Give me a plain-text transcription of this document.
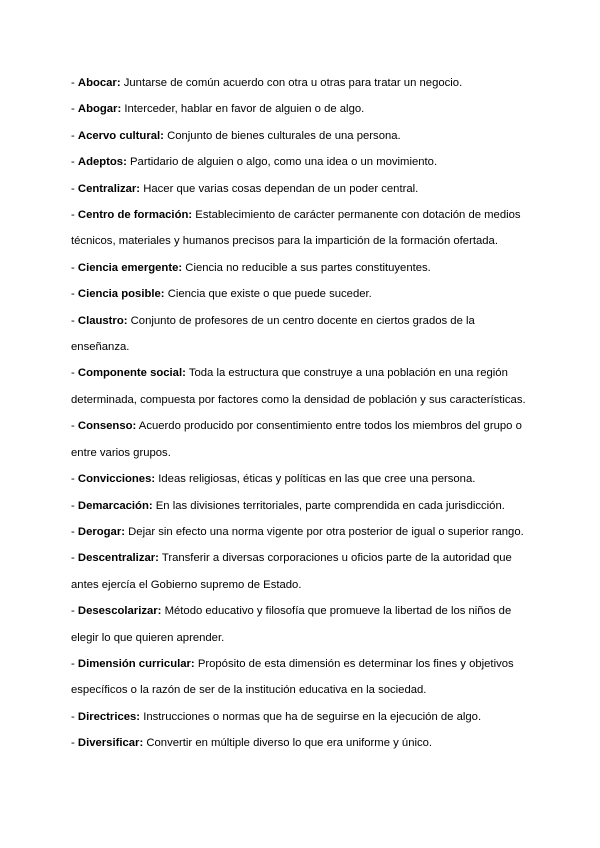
- Abocar: Juntarse de común acuerdo con otra u otras para tratar un negocio.

- Abogar: Interceder, hablar en favor de alguien o de algo.

- Acervo cultural: Conjunto de bienes culturales de una persona.

- Adeptos: Partidario de alguien o algo, como una idea o un movimiento.

- Centralizar: Hacer que varias cosas dependan de un poder central.

- Centro de formación: Establecimiento de carácter permanente con dotación de medios técnicos, materiales y humanos precisos para la impartición de la formación ofertada.

- Ciencia emergente: Ciencia no reducible a sus partes constituyentes.

- Ciencia posible: Ciencia que existe o que puede suceder.

- Claustro: Conjunto de profesores de un centro docente en ciertos grados de la enseñanza.

- Componente social: Toda la estructura que construye a una población en una región determinada, compuesta por factores como la densidad de población y sus características.

- Consenso: Acuerdo producido por consentimiento entre todos los miembros del grupo o entre varios grupos.

- Convicciones: Ideas religiosas, éticas y políticas en las que cree una persona.

- Demarcación: En las divisiones territoriales, parte comprendida en cada jurisdicción.

- Derogar: Dejar sin efecto una norma vigente por otra posterior de igual o superior rango.

- Descentralizar: Transferir a diversas corporaciones u oficios parte de la autoridad que antes ejercía el Gobierno supremo de Estado.

- Desescolarizar: Método educativo y filosofía que promueve la libertad de los niños de elegir lo que quieren aprender.

- Dimensión curricular: Propósito de esta dimensión es determinar los fines y objetivos específicos o la razón de ser de la institución educativa en la sociedad.

- Directrices: Instrucciones o normas que ha de seguirse en la ejecución de algo.

- Diversificar: Convertir en múltiple diverso lo que era uniforme y único.
